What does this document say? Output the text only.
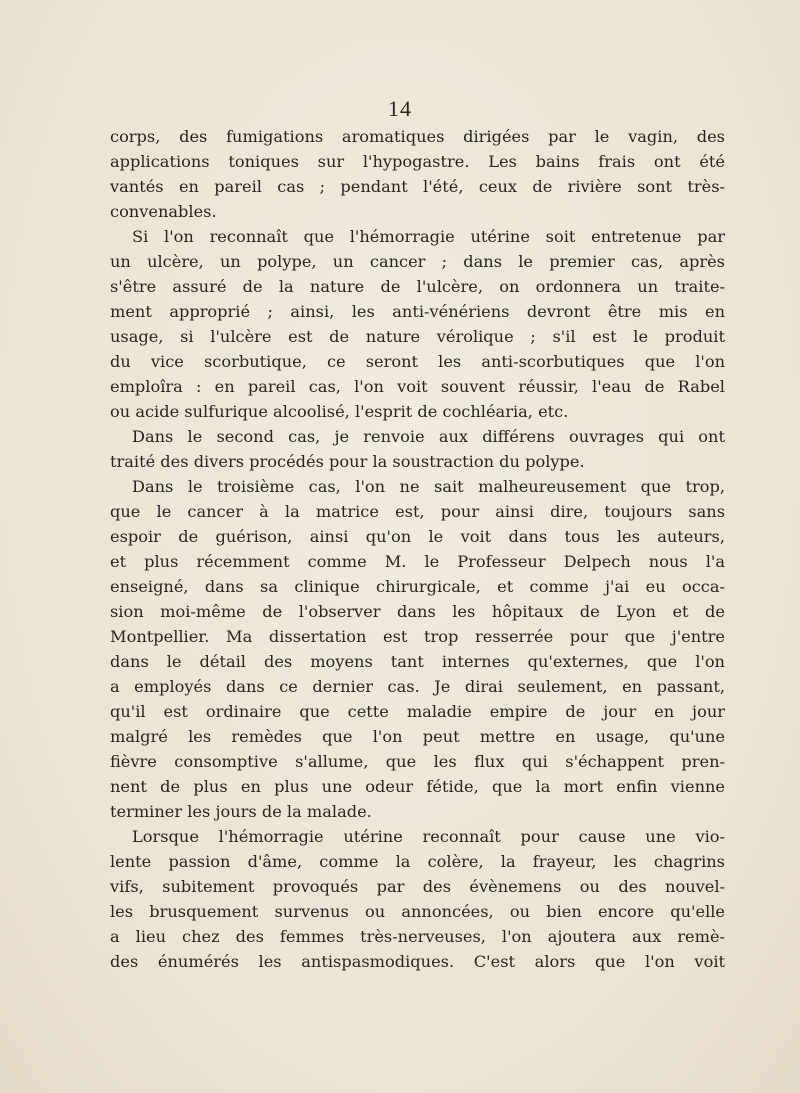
14
corps, des fumigations aromatiques dirigées par le vagin, des
applications toniques sur l'hypogastre. Les bains frais ont été
vantés en pareil cas ; pendant l'été, ceux de rivière sont très-
convenables.
Si l'on reconnaît que l'hémorragie utérine soit entretenue par
un ulcère, un polype, un cancer ; dans le premier cas, après
s'être assuré de la nature de l'ulcère, on ordonnera un traite-
ment approprié ; ainsi, les anti-vénériens devront être mis en
usage, si l'ulcère est de nature vérolique ; s'il est le produit
du vice scorbutique, ce seront les anti-scorbutiques que l'on
emploîra : en pareil cas, l'on voit souvent réussir, l'eau de Rabel
ou acide sulfurique alcoolisé, l'esprit de cochléaria, etc.
Dans le second cas, je renvoie aux différens ouvrages qui ont
traité des divers procédés pour la soustraction du polype.
Dans le troisième cas, l'on ne sait malheureusement que trop,
que le cancer à la matrice est, pour ainsi dire, toujours sans
espoir de guérison, ainsi qu'on le voit dans tous les auteurs,
et plus récemment comme M. le Professeur Delpech nous l'a
enseigné, dans sa clinique chirurgicale, et comme j'ai eu occa-
sion moi-même de l'observer dans les hôpitaux de Lyon et de
Montpellier. Ma dissertation est trop resserrée pour que j'entre
dans le détail des moyens tant internes qu'externes, que l'on
a employés dans ce dernier cas. Je dirai seulement, en passant,
qu'il est ordinaire que cette maladie empire de jour en jour
malgré les remèdes que l'on peut mettre en usage, qu'une
fièvre consomptive s'allume, que les flux qui s'échappent pren-
nent de plus en plus une odeur fétide, que la mort enfin vienne
terminer les jours de la malade.
Lorsque l'hémorragie utérine reconnaît pour cause une vio-
lente passion d'âme, comme la colère, la frayeur, les chagrins
vifs, subitement provoqués par des évènemens ou des nouvel-
les brusquement survenus ou annoncées, ou bien encore qu'elle
a lieu chez des femmes très-nerveuses, l'on ajoutera aux remè-
des énumérés les antispasmodiques. C'est alors que l'on voit
